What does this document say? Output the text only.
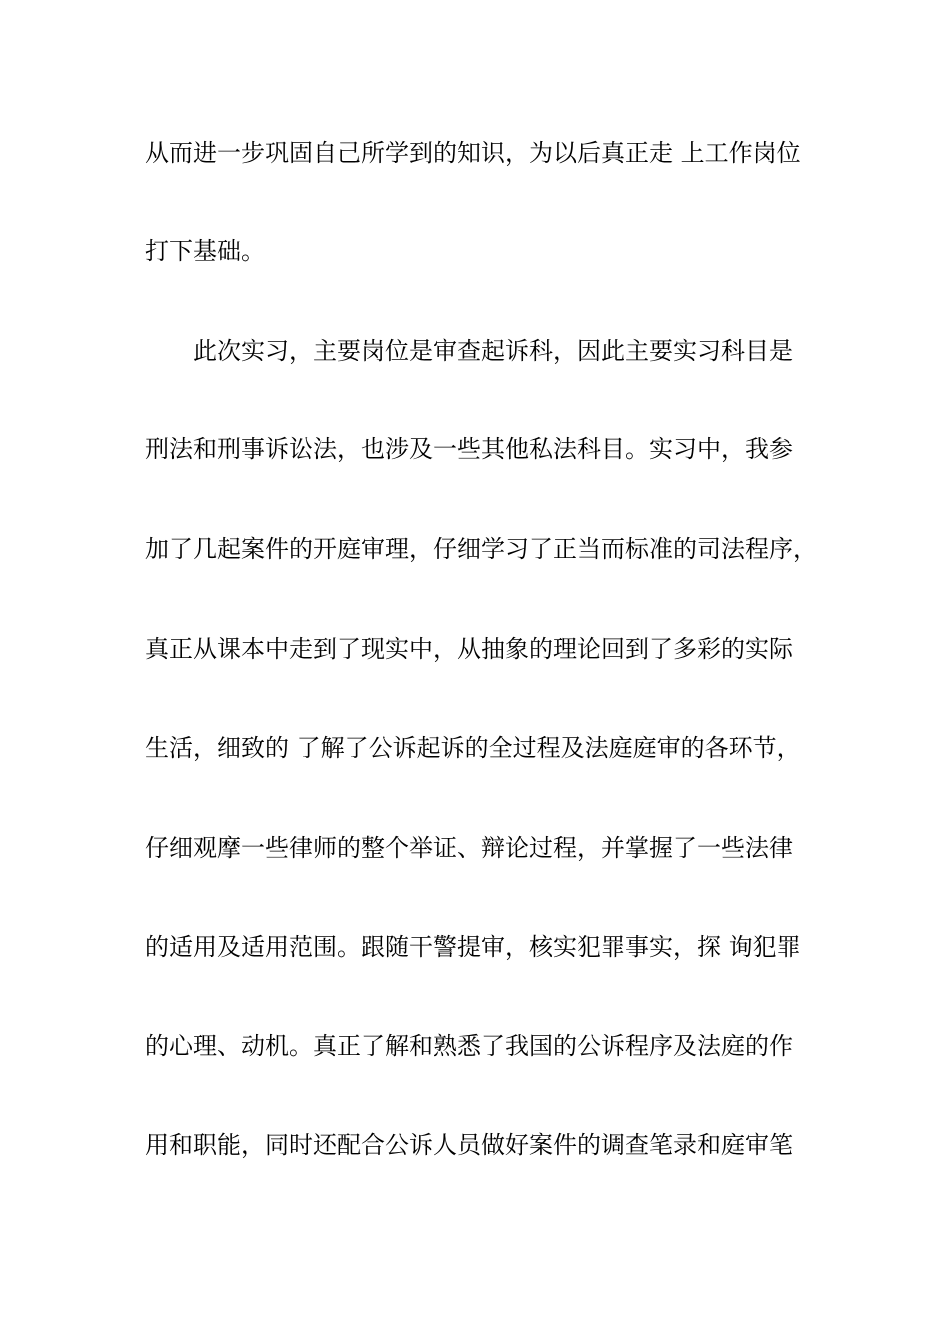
从而进一步巩固自己所学到的知识，为以后真正走 上工作岗位
打下基础。
此次实习，主要岗位是审查起诉科，因此主要实习科目是
刑法和刑事诉讼法，也涉及一些其他私法科目。实习中，我参
加了几起案件的开庭审理，仔细学习了正当而标准的司法程序，
真正从课本中走到了现实中，从抽象的理论回到了多彩的实际
生活，细致的 了解了公诉起诉的全过程及法庭庭审的各环节，
仔细观摩一些律师的整个举证、辩论过程，并掌握了一些法律
的适用及适用范围。跟随干警提审，核实犯罪事实，探 询犯罪
的心理、动机。真正了解和熟悉了我国的公诉程序及法庭的作
用和职能，同时还配合公诉人员做好案件的调查笔录和庭审笔
